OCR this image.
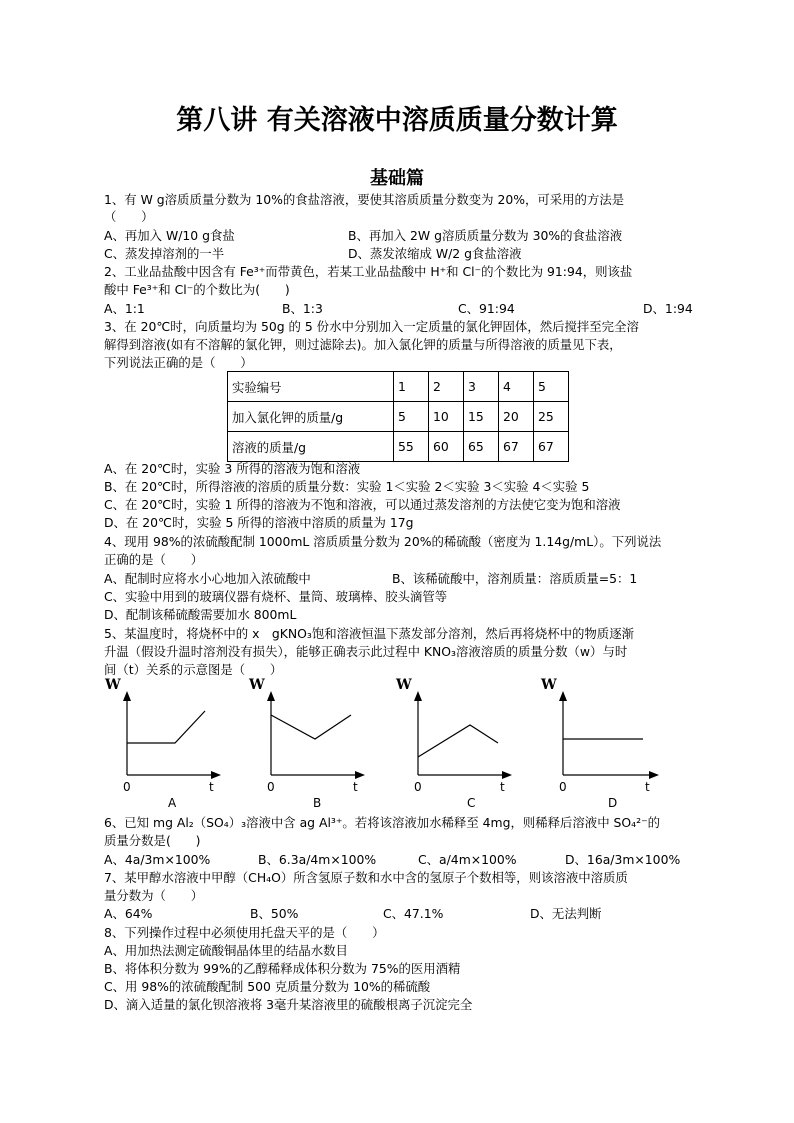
第八讲 有关溶液中溶质质量分数计算
基础篇
1、有 W g溶质质量分数为 10%的食盐溶液，要使其溶质质量分数变为 20%，可采用的方法是
（　　）
A、再加入 W/10 g食盐	B、再加入 2W g溶质质量分数为 30%的食盐溶液
C、蒸发掉溶剂的一半	D、蒸发浓缩成 W/2 g食盐溶液
2、工业品盐酸中因含有 Fe³⁺而带黄色，若某工业品盐酸中 H⁺和 Cl⁻的个数比为 91:94，则该盐
酸中 Fe³⁺和 Cl⁻的个数比为(　　)
A、1:1	B、1:3	C、91:94	D、1:94
3、在 20℃时，向质量均为 50g 的 5 份水中分别加入一定质量的氯化钾固体，然后搅拌至完全溶
解得到溶液(如有不溶解的氯化钾，则过滤除去)。加入氯化钾的质量与所得溶液的质量见下表，
下列说法正确的是（　　）
实验编号	1	2	3	4	5
加入氯化钾的质量/g	5	10	15	20	25
溶液的质量/g	55	60	65	67	67
A、在 20℃时，实验 3 所得的溶液为饱和溶液
B、在 20℃时，所得溶液的溶质的质量分数：实验 1＜实验 2＜实验 3＜实验 4＜实验 5
C、在 20℃时，实验 1 所得的溶液为不饱和溶液，可以通过蒸发溶剂的方法使它变为饱和溶液
D、在 20℃时，实验 5 所得的溶液中溶质的质量为 17g
4、现用 98%的浓硫酸配制 1000mL 溶质质量分数为 20%的稀硫酸（密度为 1.14g/mL）。下列说法
正确的是（　　）
A、配制时应将水小心地加入浓硫酸中	B、该稀硫酸中，溶剂质量：溶质质量=5：1
C、实验中用到的玻璃仪器有烧杯、量筒、玻璃棒、胶头滴管等
D、配制该稀硫酸需要加水 800mL
5、某温度时，将烧杯中的 x　gKNO₃饱和溶液恒温下蒸发部分溶剂，然后再将烧杯中的物质逐渐
升温（假设升温时溶剂没有损失），能够正确表示此过程中 KNO₃溶液溶质的质量分数（w）与时
间（t）关系的示意图是（　　）
W
0	t
A
W
0	t
B
W
0	t
C
W
0	t
D
6、已知 mg Al₂（SO₄）₃溶液中含 ag Al³⁺。若将该溶液加水稀释至 4mg，则稀释后溶液中 SO₄²⁻的
质量分数是(　　)
A、4a/3m×100%	B、6.3a/4m×100%	C、a/4m×100%	D、16a/3m×100%
7、某甲醇水溶液中甲醇（CH₄O）所含氢原子数和水中含的氢原子个数相等，则该溶液中溶质质
量分数为（　　）
A、64%	B、50%	C、47.1%	D、无法判断
8、下列操作过程中必须使用托盘天平的是（　　）
A、用加热法测定硫酸铜晶体里的结晶水数目
B、将体积分数为 99%的乙醇稀释成体积分数为 75%的医用酒精
C、用 98%的浓硫酸配制 500 克质量分数为 10%的稀硫酸
D、滴入适量的氯化钡溶液将 3毫升某溶液里的硫酸根离子沉淀完全
